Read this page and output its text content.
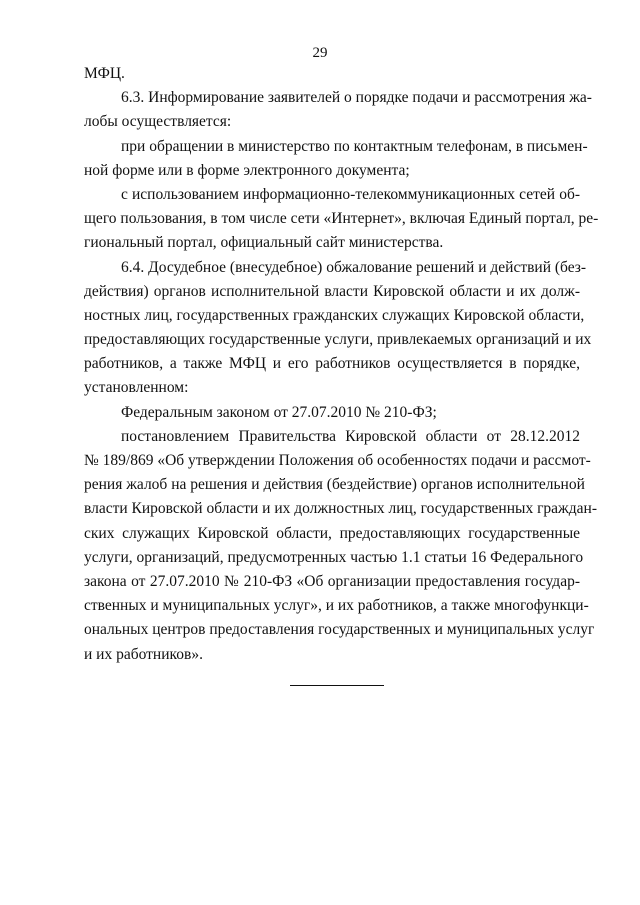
29
МФЦ.
6.3. Информирование заявителей о порядке подачи и рассмотрения жа-
лобы осуществляется:
при обращении в министерство по контактным телефонам, в письмен-
ной форме или в форме электронного документа;
с использованием информационно-телекоммуникационных сетей об-
щего пользования, в том числе сети «Интернет», включая Единый портал, ре-
гиональный портал, официальный сайт министерства.
6.4. Досудебное (внесудебное) обжалование решений и действий (без-
действия) органов исполнительной власти Кировской области и их долж-
ностных лиц, государственных гражданских служащих Кировской области,
предоставляющих государственные услуги, привлекаемых организаций и их
работников, а также МФЦ и его работников осуществляется в порядке,
установленном:
Федеральным законом от 27.07.2010 № 210-ФЗ;
постановлением Правительства Кировской области от 28.12.2012
№ 189/869 «Об утверждении Положения об особенностях подачи и рассмот-
рения жалоб на решения и действия (бездействие) органов исполнительной
власти Кировской области и их должностных лиц, государственных граждан-
ских служащих Кировской области, предоставляющих государственные
услуги, организаций, предусмотренных частью 1.1 статьи 16 Федерального
закона от 27.07.2010 № 210-ФЗ «Об организации предоставления государ-
ственных и муниципальных услуг», и их работников, а также многофункци-
ональных центров предоставления государственных и муниципальных услуг
и их работников».
